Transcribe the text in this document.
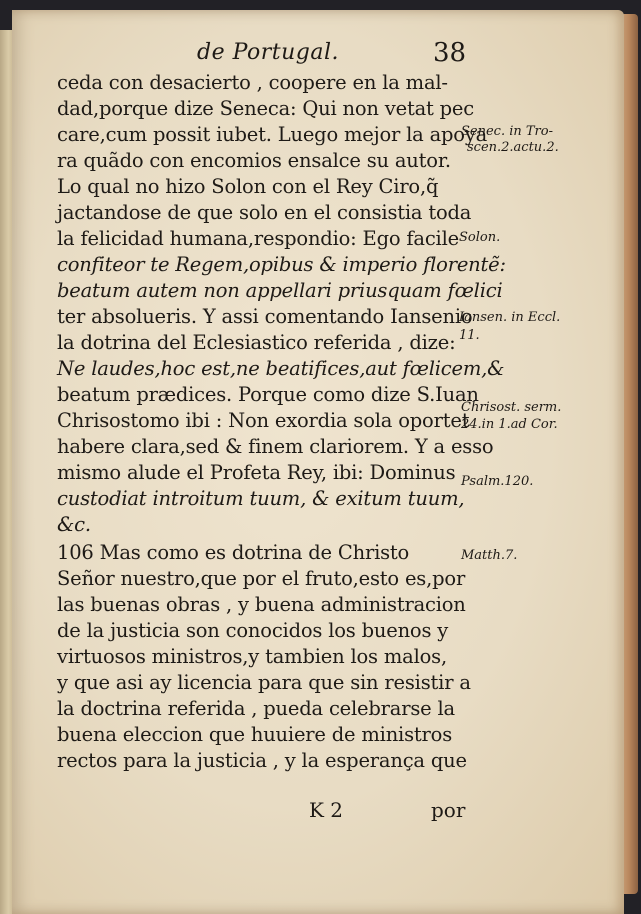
de Portugal.	38
ceda con desacierto , coopere en la mal-
dad,porque dize Seneca: Qui non vetat pec
care,cum possit iubet. Luego mejor la apoya
ra quãdo con encomios ensalce su autor.
Lo qual no hizo Solon con el Rey Ciro,q̃
jactandose de que solo en el consistia toda
la felicidad humana,respondio: Ego facile
confiteor te Regem,opibus & imperio florentẽ:
beatum autem non appellari priusquam fœlici
ter absolueris. Y assi comentando Iansenio
la dotrina del Eclesiastico referida , dize:
Ne laudes,hoc est,ne beatifices,aut fœlicem,&
beatum prædices. Porque como dize S.Iuan
Chrisostomo ibi : Non exordia sola oportet
habere clara,sed & finem clariorem. Y a esso
mismo alude el Profeta Rey, ibi: Dominus
custodiat introitum tuum, & exitum tuum,
&c.
106 Mas como es dotrina de Christo
Señor nuestro,que por el fruto,esto es,por
las buenas obras , y buena administracion
de la justicia son conocidos los buenos y
virtuosos ministros,y tambien los malos,
y que asi ay licencia para que sin resistir a
la doctrina referida , pueda celebrarse la
buena eleccion que huuiere de ministros
rectos para la justicia , y la esperança que
Senec. in Tro-
scen.2.actu.2.
Solon.
Iansen. in Eccl.
11.
Chrisost. serm.
24.in 1.ad Cor.
Psalm.120.
Matth.7.
K 2	por
